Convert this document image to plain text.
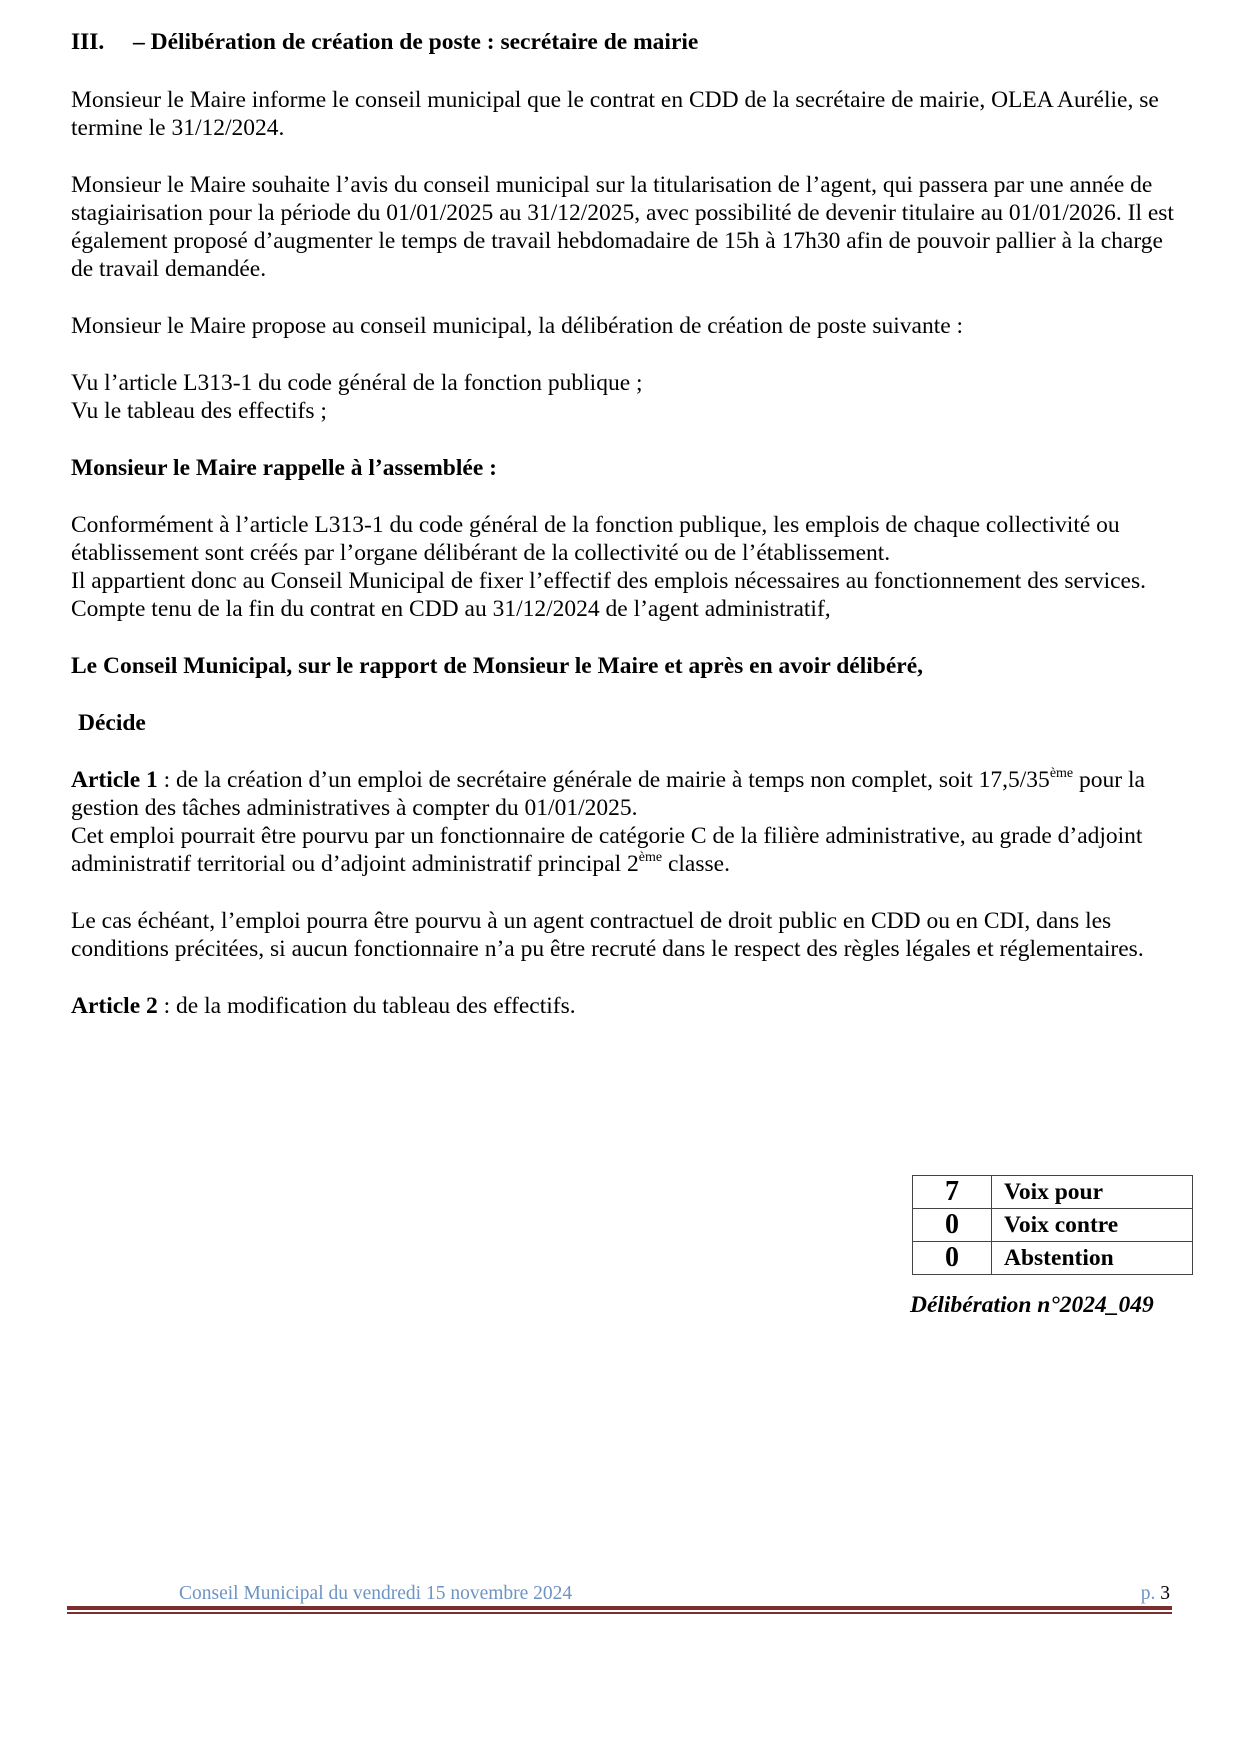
III.	– Délibération de création de poste : secrétaire de mairie

Monsieur le Maire informe le conseil municipal que le contrat en CDD de la secrétaire de mairie, OLEA Aurélie, se termine le 31/12/2024.

Monsieur le Maire souhaite l’avis du conseil municipal sur la titularisation de l’agent, qui passera par une année de stagiairisation pour la période du 01/01/2025 au 31/12/2025, avec possibilité de devenir titulaire au 01/01/2026. Il est également proposé d’augmenter le temps de travail hebdomadaire de 15h à 17h30 afin de pouvoir pallier à la charge de travail demandée.

Monsieur le Maire propose au conseil municipal, la délibération de création de poste suivante :

Vu l’article L313-1 du code général de la fonction publique ;

Vu le tableau des effectifs ;

Monsieur le Maire rappelle à l’assemblée :

Conformément à l’article L313-1 du code général de la fonction publique, les emplois de chaque collectivité ou établissement sont créés par l’organe délibérant de la collectivité ou de l’établissement.

Il appartient donc au Conseil Municipal de fixer l’effectif des emplois nécessaires au fonctionnement des services.

Compte tenu de la fin du contrat en CDD au 31/12/2024 de l’agent administratif,

Le Conseil Municipal, sur le rapport de Monsieur le Maire et après en avoir délibéré,

Décide

Article 1 : de la création d’un emploi de secrétaire générale de mairie à temps non complet, soit 17,5/35ème pour la gestion des tâches administratives à compter du 01/01/2025.

Cet emploi pourrait être pourvu par un fonctionnaire de catégorie C de la filière administrative, au grade d’adjoint administratif territorial ou d’adjoint administratif principal 2ème classe.

Le cas échéant, l’emploi pourra être pourvu à un agent contractuel de droit public en CDD ou en CDI, dans les conditions précitées, si aucun fonctionnaire n’a pu être recruté dans le respect des règles légales et réglementaires.

Article 2 : de la modification du tableau des effectifs.

7	Voix pour
0	Voix contre
0	Abstention
Délibération n°2024_049
Conseil Municipal du vendredi 15 novembre 2024	p. 3
